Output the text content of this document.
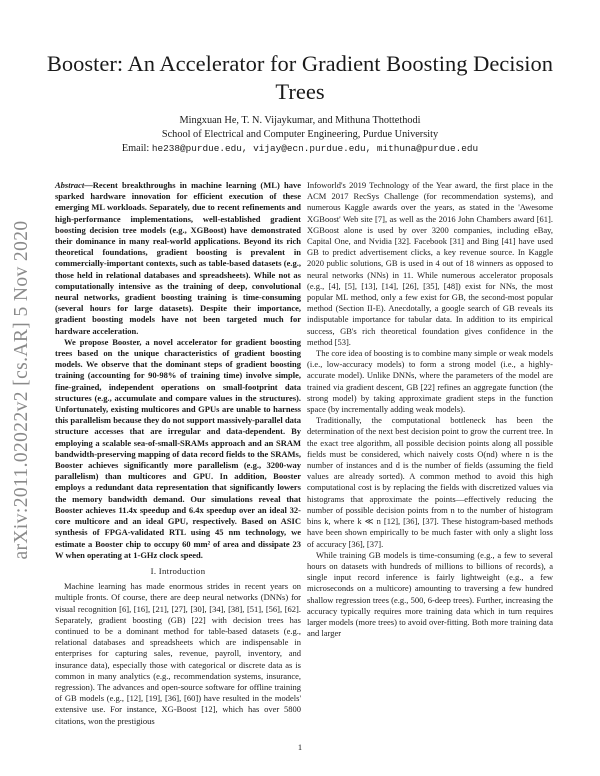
Booster: An Accelerator for Gradient Boosting Decision Trees
Mingxuan He, T. N. Vijaykumar, and Mithuna Thottethodi
School of Electrical and Computer Engineering, Purdue University
Email: he238@purdue.edu, vijay@ecn.purdue.edu, mithuna@purdue.edu
arXiv:2011.02022v2 [cs.AR] 5 Nov 2020

Abstract—Recent breakthroughs in machine learning (ML) have sparked hardware innovation for efficient execution of these emerging ML workloads. Separately, due to recent refinements and high-performance implementations, well-established gradient boosting decision tree models (e.g., XGBoost) have demonstrated their dominance in many real-world applications. Beyond its rich theoretical foundations, gradient boosting is prevalent in commercially-important contexts, such as table-based datasets (e.g., those held in relational databases and spreadsheets). While not as computationally intensive as the training of deep, convolutional neural networks, gradient boosting training is time-consuming (several hours for large datasets). Despite their importance, gradient boosting models have not been targeted much for hardware acceleration.

We propose Booster, a novel accelerator for gradient boosting trees based on the unique characteristics of gradient boosting models. We observe that the dominant steps of gradient boosting training (accounting for 90-98% of training time) involve simple, fine-grained, independent operations on small-footprint data structures (e.g., accumulate and compare values in the structures). Unfortunately, existing multicores and GPUs are unable to harness this parallelism because they do not support massively-parallel data structure accesses that are irregular and data-dependent. By employing a scalable sea-of-small-SRAMs approach and an SRAM bandwidth-preserving mapping of data record fields to the SRAMs, Booster achieves significantly more parallelism (e.g., 3200-way parallelism) than multicores and GPU. In addition, Booster employs a redundant data representation that significantly lowers the memory bandwidth demand. Our simulations reveal that Booster achieves 11.4x speedup and 6.4x speedup over an ideal 32-core multicore and an ideal GPU, respectively. Based on ASIC synthesis of FPGA-validated RTL using 45 nm technology, we estimate a Booster chip to occupy 60 mm² of area and dissipate 23 W when operating at 1-GHz clock speed.

I. Introduction

Machine learning has made enormous strides in recent years on multiple fronts. Of course, there are deep neural networks (DNNs) for visual recognition [6], [16], [21], [27], [30], [34], [38], [51], [56], [62]. Separately, gradient boosting (GB) [22] with decision trees has continued to be a dominant method for table-based datasets (e.g., relational databases and spreadsheets which are indispensable in enterprises for capturing sales, revenue, payroll, inventory, and insurance data), especially those with categorical or discrete data as is common in many analytics (e.g., recommendation systems, insurance, regression). The advances and open-source software for offline training of GB models (e.g., [12], [19], [36], [60]) have resulted in the models' extensive use. For instance, XG-Boost [12], which has over 5800 citations, won the prestigious

Infoworld's 2019 Technology of the Year award, the first place in the ACM 2017 RecSys Challenge (for recommendation systems), and numerous Kaggle awards over the years, as stated in the 'Awesome XGBoost' Web site [7], as well as the 2016 John Chambers award [61]. XGBoost alone is used by over 3200 companies, including eBay, Capital One, and Nvidia [32]. Facebook [31] and Bing [41] have used GB to predict advertisement clicks, a key revenue source. In Kaggle 2020 public solutions, GB is used in 4 out of 18 winners as opposed to neural networks (NNs) in 11. While numerous accelerator proposals (e.g., [4], [5], [13], [14], [26], [35], [48]) exist for NNs, the most popular ML method, only a few exist for GB, the second-most popular method (Section II-E). Anecdotally, a google search of GB reveals its indisputable importance for tabular data. In addition to its empirical success, GB's rich theoretical foundation gives confidence in the method [53].

The core idea of boosting is to combine many simple or weak models (i.e., low-accuracy models) to form a strong model (i.e., a highly-accurate model). Unlike DNNs, where the parameters of the model are trained via gradient descent, GB [22] refines an aggregate function (the strong model) by taking approximate gradient steps in the function space (by incrementally adding weak models).

Traditionally, the computational bottleneck has been the determination of the next best decision point to grow the current tree. In the exact tree algorithm, all possible decision points along all possible fields must be considered, which naively costs O(nd) where n is the number of instances and d is the number of fields (assuming the field values are already sorted). A common method to avoid this high computational cost is by replacing the fields with discretized values via histograms that approximate the points—effectively reducing the number of possible decision points from n to the number of histogram bins k, where k ≪ n [12], [36], [37]. These histogram-based methods have been shown empirically to be much faster with only a slight loss of accuracy [36], [37].

While training GB models is time-consuming (e.g., a few to several hours on datasets with hundreds of millions to billions of records), a single input record inference is fairly lightweight (e.g., a few microseconds on a multicore) amounting to traversing a few hundred shallow regression trees (e.g., 500, 6-deep trees). Further, increasing the accuracy typically requires more training data which in turn requires larger models (more trees) to avoid over-fitting. Both more training data and larger

1
